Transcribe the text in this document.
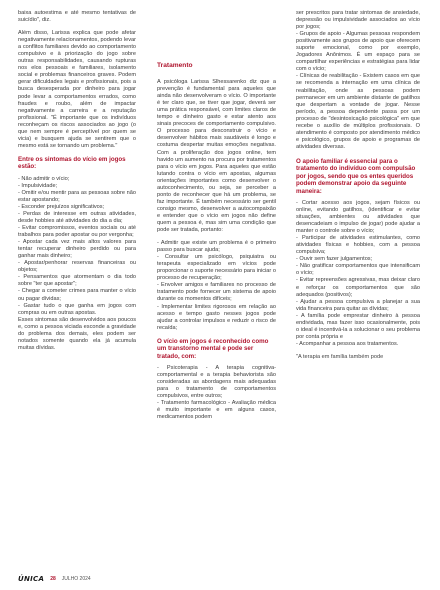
baixa autoestima e até mesmo tentativas de suicídio", diz.

Além disso, Larissa explica que pode afetar negativamente relacionamentos, podendo levar a conflitos familiares devido ao comportamento compulsivo e à priorização do jogo sobre outras responsabilidades, causando rupturas nos elos pessoais e familiares, isolamento social e problemas financeiros graves. Podem gerar dificuldades legais e profissionais, pois a busca desesperada por dinheiro para jogar pode levar a comportamentos errados, como fraudes e roubo, além de impactar negativamente a carreira e a reputação profissional. "É importante que os indivíduos reconheçam os riscos associados ao jogo (o que nem sempre é perceptível por quem se vicia) e busquem ajuda se sentirem que o mesmo está se tornando um problema."

Entre os sintomas do vício em jogos estão:
- Não admitir o vício;
- Impulsividade;
- Omitir e/ou mentir para as pessoas sobre não estar apostando;
- Esconder prejuízos significativos;
- Perdas de interesse em outras atividades, desde hobbies até atividades do dia a dia;
- Evitar compromissos, eventos sociais ou até trabalhos para poder apostar ou por vergonha;
- Apostar cada vez mais altos valores para tentar recuperar dinheiro perdido ou para ganhar mais dinheiro;
- Apostar/penhorar reservas financeiras ou objetos;
- Pensamentos que atormentam o dia todo sobre "ter que apostar";
- Chegar a cometer crimes para manter o vício ou pagar dívidas;
- Gastar tudo o que ganha em jogos com compras ou em outras apostas.

Esses sintomas são desenvolvidos aos poucos e, como a pessoa viciada esconde a gravidade do problema dos demais, eles podem ser notados somente quando ela já acumula muitas dívidas.

Tratamento

A psicóloga Larissa Slhessarenko diz que a prevenção é fundamental para aqueles que ainda não desenvolveram o vício. O importante é ter claro que, se tiver que jogar, deverá ser uma prática responsável, com limites claros de tempo e dinheiro gasto e estar atento aos sinais precoces de comportamento compulsivo. O processo para desconstruir o vício e desenvolver hábitos mais saudáveis é longo e costuma despertar muitas emoções negativas. Com a proliferação dos jogos online, tem havido um aumento na procura por tratamentos para o vício em jogos. Para aqueles que estão lutando contra o vício em apostas, algumas orientações importantes como desenvolver o autoconhecimento, ou seja, se perceber a ponto de reconhecer que há um problema, se faz importante. É também necessário ser gentil consigo mesmo, desenvolver a autocompaixão e entender que o vício em jogos não define quem a pessoa é, mas sim uma condição que pode ser tratada, portanto:

- Admitir que existe um problema é o primeiro passo para buscar ajuda;
- Consultar um psicólogo, psiquiatra ou terapeuta especializado em vícios pode proporcionar o suporte necessário para iniciar o processo de recuperação;
- Envolver amigos e familiares no processo de tratamento pode fornecer um sistema de apoio durante os momentos difíceis;
- Implementar limites rigorosos em relação ao acesso e tempo gasto nesses jogos pode ajudar a controlar impulsos e reduzir o risco de recaída;
O vício em jogos é reconhecido como um transtorno mental e pode ser tratado, com:
- Psicoterapia - A terapia cognitiva-comportamental e a terapia behaviorista são consideradas as abordagens mais adequadas para o tratamento de comportamentos compulsivos, entre outros;
- Tratamento farmacológico - Avaliação médica é muito importante e em alguns casos, medicamentos podem
ser prescritos para tratar sintomas de ansiedade, depressão ou impulsividade associados ao vício por jogos;
- Grupos de apoio - Algumas pessoas respondem positivamente aos grupos de apoio que oferecem suporte emocional, como por exemplo, Jogadores Anônimos. É um espaço para se compartilhar experiências e estratégias para lidar com o vício;
- Clínicas de reabilitação - Existem casos em que se recomenda a internação em uma clínica de reabilitação, onde as pessoas podem permanecer em um ambiente distante de gatilhos que despertam a vontade de jogar. Nesse período, a pessoa dependente passa por um processo de "desintoxicação psicológica" em que recebe o auxílio de múltiplos profissionais. O atendimento é composto por atendimento médico e psicológico, grupos de apoio e programas de atividades diversas.
O apoio familiar é essencial para o tratamento do indivíduo com compulsão por jogos, sendo que os entes queridos podem demonstrar apoio da seguinte maneira:
- Cortar acesso aos jogos, sejam físicos ou online, evitando gatilhos, (identificar e evitar situações, ambientes ou atividades que desencadeiam o impulso de jogar) pode ajudar a manter o controle sobre o vício;
- Participar de atividades estimulantes, como atividades físicas e hobbies, com a pessoa compulsiva;
- Ouvir sem fazer julgamentos;
- Não gratificar comportamentos que intensificam o vício;
- Evitar repreensões agressivas, mas deixar claro e reforçar os comportamentos que são adequados (positivos);
- Ajudar a pessoa compulsiva a planejar a sua vida financeira para quitar as dívidas;
- A família pode emprestar dinheiro à pessoa endividada, mas fazer isso ocasionalmente, pois o ideal é incentivá-la a solucionar o seu problema por conta própria e
- Acompanhar a pessoa aos tratamentos.

"A terapia em família também pode

ÚNICA 28 JULHO 2024
